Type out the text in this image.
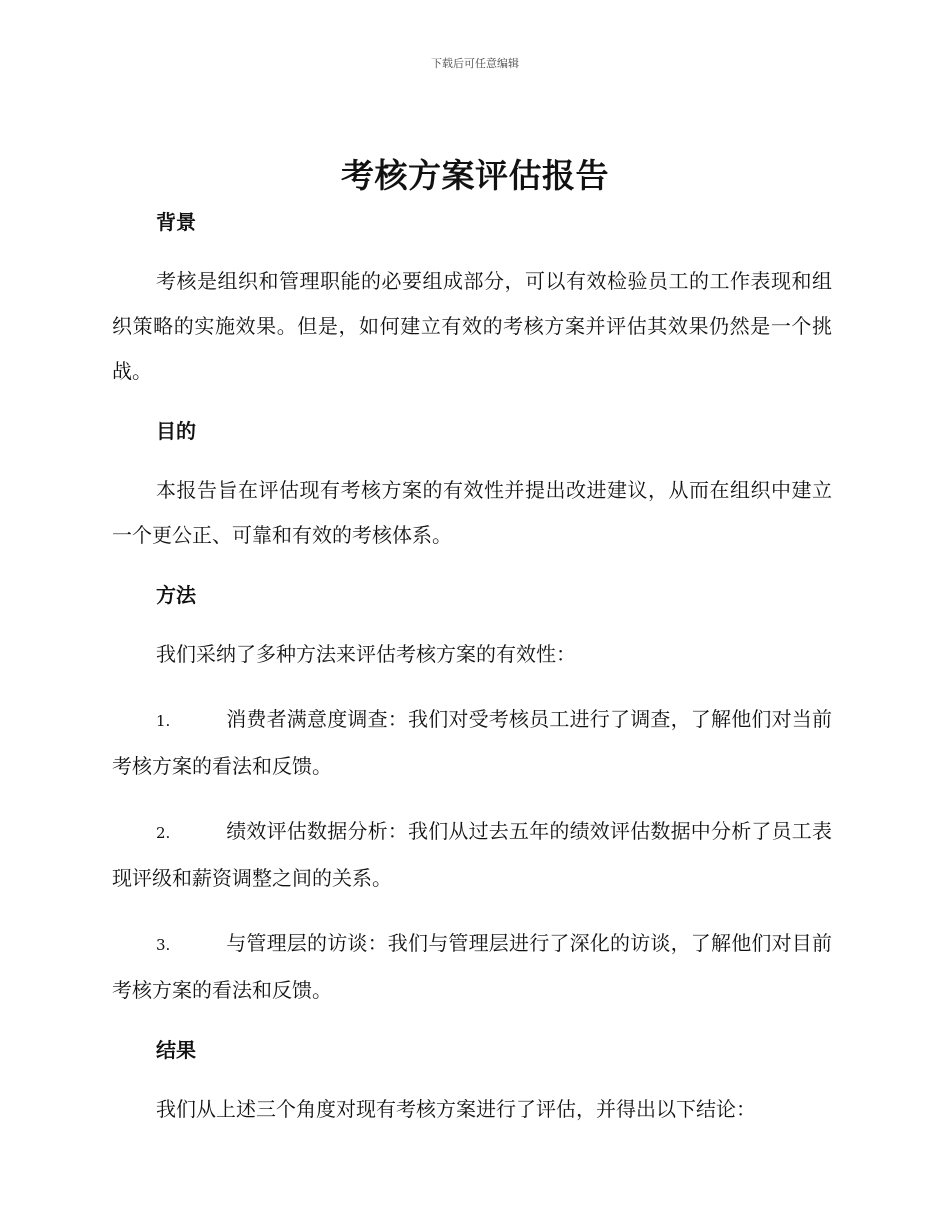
下载后可任意编辑
考核方案评估报告

背景

考核是组织和管理职能的必要组成部分，可以有效检验员工的工作表现和组织策略的实施效果。但是，如何建立有效的考核方案并评估其效果仍然是一个挑战。

目的

本报告旨在评估现有考核方案的有效性并提出改进建议，从而在组织中建立一个更公正、可靠和有效的考核体系。

方法

我们采纳了多种方法来评估考核方案的有效性：

1.	消费者满意度调查：我们对受考核员工进行了调查，了解他们对当前考核方案的看法和反馈。

2.	绩效评估数据分析：我们从过去五年的绩效评估数据中分析了员工表现评级和薪资调整之间的关系。

3.	与管理层的访谈：我们与管理层进行了深化的访谈，了解他们对目前考核方案的看法和反馈。

结果

我们从上述三个角度对现有考核方案进行了评估，并得出以下结论：
